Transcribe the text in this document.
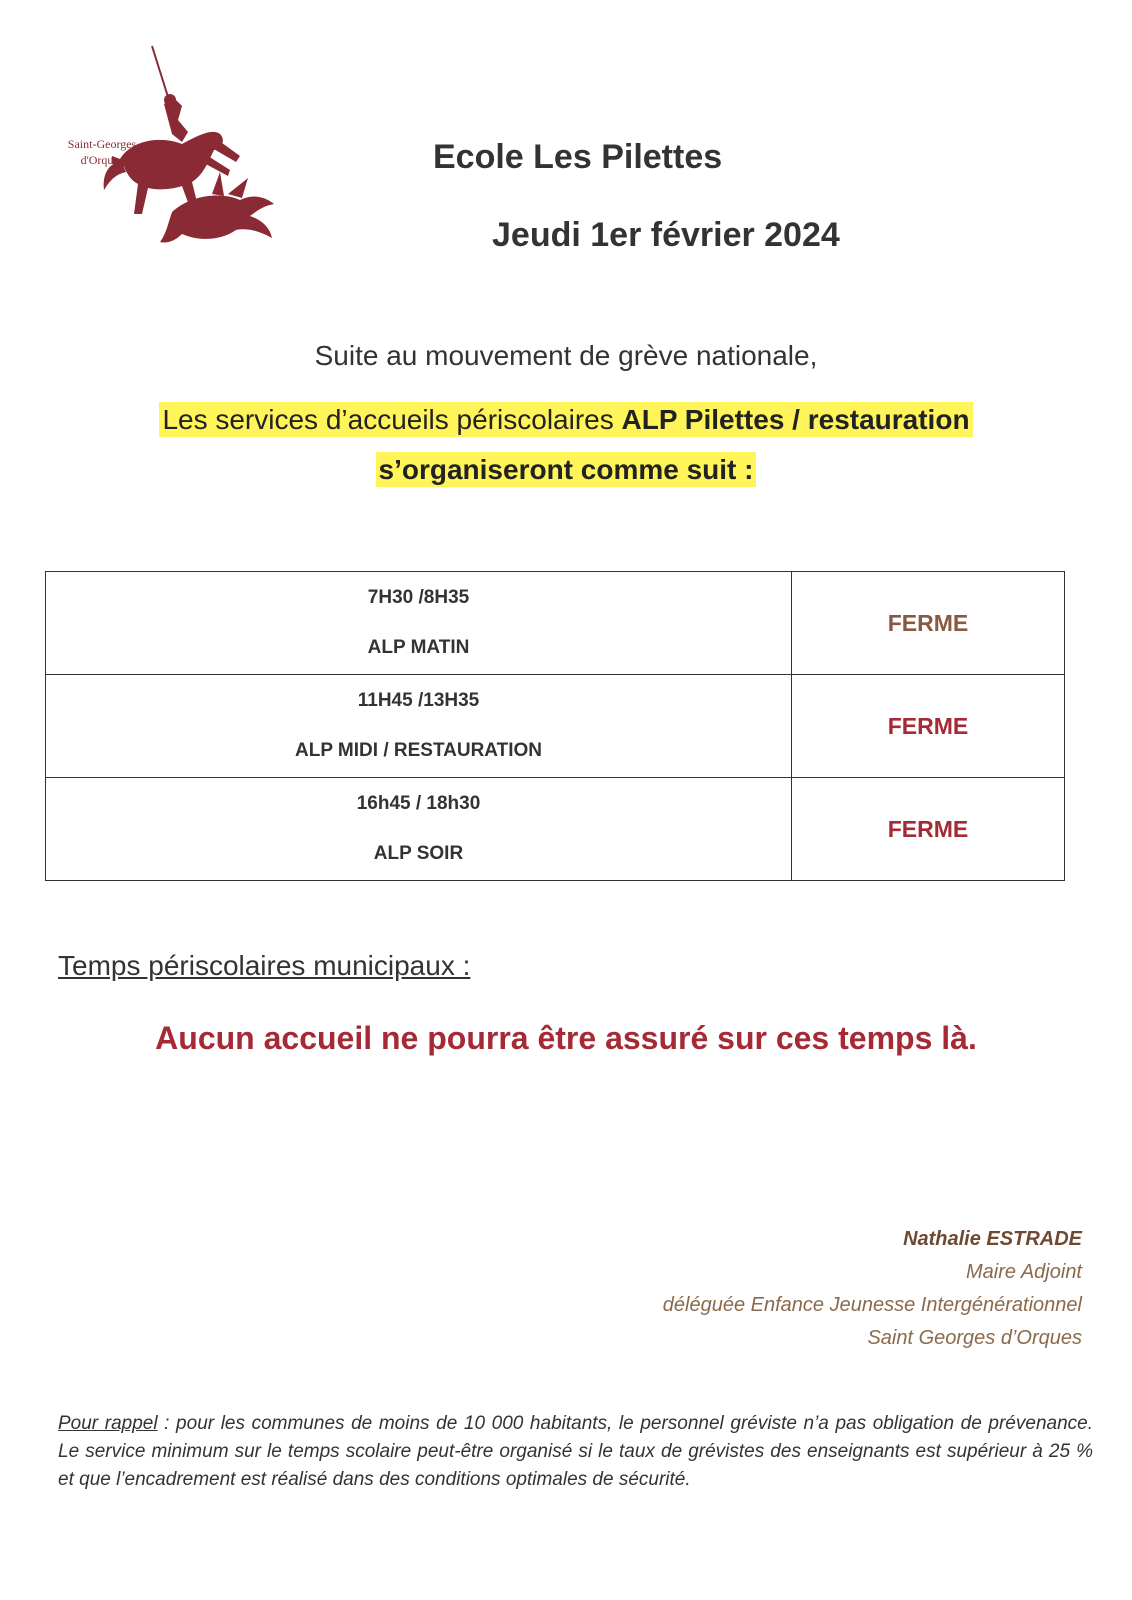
Saint-Georges
d'Orques	Ecole Les Pilettes
Jeudi 1er février 2024
Suite au mouvement de grève nationale,
Les services d’accueils périscolaires ALP Pilettes / restauration
s’organiseront comme suit :
7H30 /8H35
ALP MATIN	FERME

11H45 /13H35
ALP MIDI / RESTAURATION	FERME

16h45 / 18h30
ALP SOIR	FERME
Temps périscolaires municipaux :
Aucun accueil ne pourra être assuré sur ces temps là.
Nathalie ESTRADE
Maire Adjoint
déléguée Enfance Jeunesse Intergénérationnel
Saint Georges d’Orques
Pour rappel : pour les communes de moins de 10 000 habitants, le personnel gréviste n’a pas obligation de prévenance. Le service minimum sur le temps scolaire peut-être organisé si le taux de grévistes des enseignants est supérieur à 25 % et que l’encadrement est réalisé dans des conditions optimales de sécurité.
